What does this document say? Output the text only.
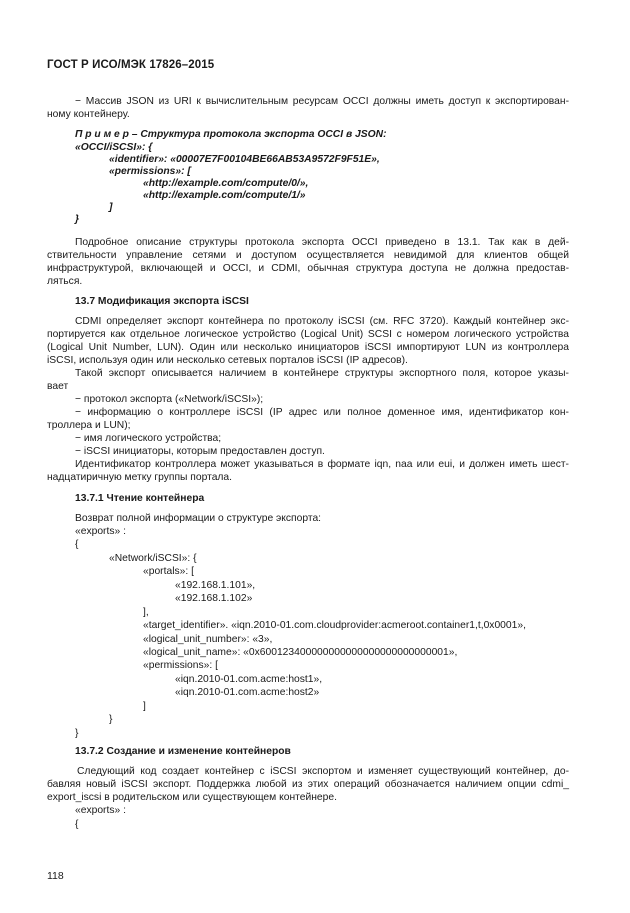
ГОСТ Р ИСО/МЭК 17826–2015
− Массив JSON из URI к вычислительным ресурсам OCCI должны иметь доступ к экспортирован-
ному контейнеру.
П р и м е р – Структура протокола экспорта OCCI в JSON:
«OCCI/iSCSI»: {
«identifier»: «00007E7F00104BE66AB53A9572F9F51E»,
«permissions»: [
«http://example.com/compute/0/»,
«http://example.com/compute/1/»
]
}
Подробное описание структуры протокола экспорта OCCI приведено в 13.1. Так как в дей-
ствительности управление сетями и доступом осуществляется невидимой для клиентов общей
инфраструктурой, включающей и OCCI, и CDMI, обычная структура доступа не должна предостав-
ляться.
13.7 Модификация экспорта iSCSI
CDMI определяет экспорт контейнера по протоколу iSCSI (см. RFC 3720). Каждый контейнер экс-
портируется как отдельное логическое устройство (Logical Unit) SCSI с номером логического устройства
(Logical Unit Number, LUN). Один или несколько инициаторов iSCSI импортируют LUN из контроллера
iSCSI, используя один или несколько сетевых порталов iSCSI (IP адресов).
Такой экспорт описывается наличием в контейнере структуры экспортного поля, которое указы-
вает
− протокол экспорта («Network/iSCSI»);
− информацию о контроллере iSCSI (IP адрес или полное доменное имя, идентификатор кон-
троллера и LUN);
− имя логического устройства;
− iSCSI инициаторы, которым предоставлен доступ.
Идентификатор контроллера может указываться в формате iqn, naa или eui, и должен иметь шест-
надцатиричную метку группы портала.
13.7.1 Чтение контейнера
Возврат полной информации о структуре экспорта:
«exports» :
{
«Network/iSCSI»: {
«portals»: [
«192.168.1.101»,
«192.168.1.102»
],
«target_identifier». «iqn.2010-01.com.cloudprovider:acmeroot.container1,t,0x0001»,
«logical_unit_number»: «3»,
«logical_unit_name»: «0x600123400000000000000000000000001»,
«permissions»: [
«iqn.2010-01.com.acme:host1»,
«iqn.2010-01.com.acme:host2»
]
}
}
13.7.2 Создание и изменение контейнеров
Следующий код создает контейнер с iSCSI экспортом и изменяет существующий контейнер, до-
бавляя новый iSCSI экспорт. Поддержка любой из этих операций обозначается наличием опции cdmi_
export_iscsi в родительском или существующем контейнере.
«exports» :
{
118
